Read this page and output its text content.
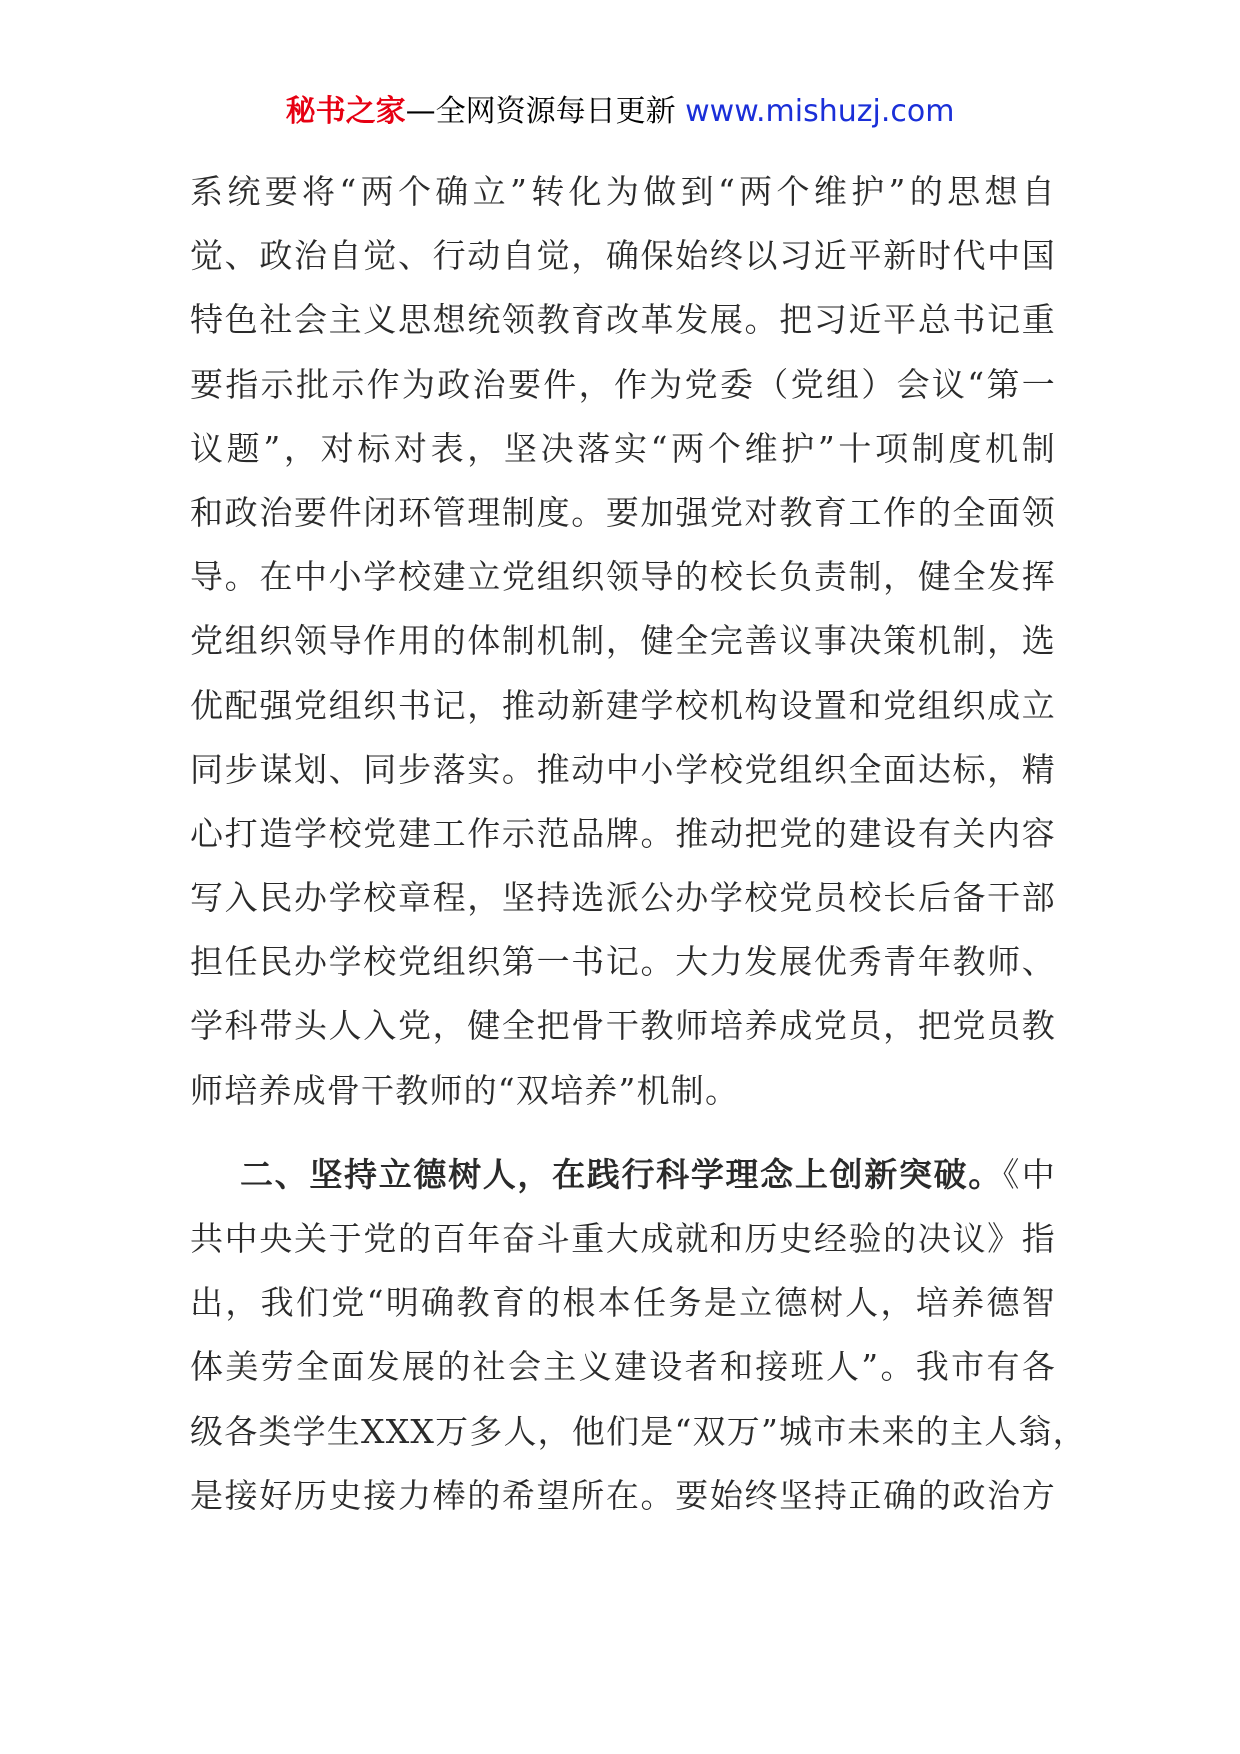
秘书之家—全网资源每日更新 www.mishuzj.com
系统要将“两个确立”转化为做到“两个维护”的思想自
觉、政治自觉、行动自觉，确保始终以习近平新时代中国
特色社会主义思想统领教育改革发展。把习近平总书记重
要指示批示作为政治要件，作为党委（党组）会议“第一
议题”，对标对表，坚决落实“两个维护”十项制度机制
和政治要件闭环管理制度。要加强党对教育工作的全面领
导。在中小学校建立党组织领导的校长负责制，健全发挥
党组织领导作用的体制机制，健全完善议事决策机制，选
优配强党组织书记，推动新建学校机构设置和党组织成立
同步谋划、同步落实。推动中小学校党组织全面达标，精
心打造学校党建工作示范品牌。推动把党的建设有关内容
写入民办学校章程，坚持选派公办学校党员校长后备干部
担任民办学校党组织第一书记。大力发展优秀青年教师、
学科带头人入党，健全把骨干教师培养成党员，把党员教
师培养成骨干教师的“双培养”机制。
二、坚持立德树人，在践行科学理念上创新突破。《中
共中央关于党的百年奋斗重大成就和历史经验的决议》指
出，我们党“明确教育的根本任务是立德树人，培养德智
体美劳全面发展的社会主义建设者和接班人”。我市有各
级各类学生XXX万多人，他们是“双万”城市未来的主人翁，
是接好历史接力棒的希望所在。要始终坚持正确的政治方
